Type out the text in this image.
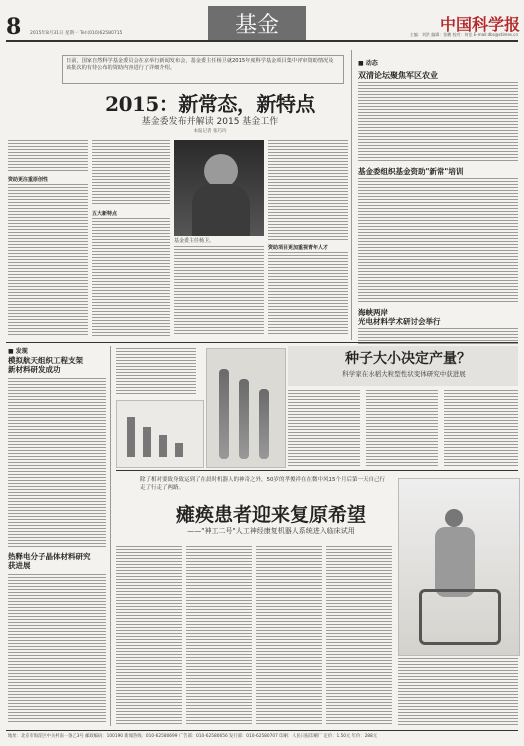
8 2015年8月31日 星期一 Tel:(010)62580715	基金	中国科学报
主编：刘洪 编辑：张鹏 校对：何佳 E-mail:dbs@stimes.cn
日前，国家自然科学基金委员会在京举行新闻发布会，基金委主任杨卫就2015年度科学基金项目集中评审资助情况及该批次的有待公布的资助内容进行了详细介绍。
2015：新常态，新特点
基金委发布并解读 2015 基金工作
本报记者 张巧玲
资助更注重原创性
五大新特点
基金委主任杨卫。
资助项目更加重视青年人才
■ 动态
双清论坛聚焦军区农业
基金委组织基金资助"新常"培训
海峡两岸
光电材料学术研讨会举行
■ 发现
模拟航天组织工程支架
新材料研发成功
热释电分子晶体材料研究
获进展
种子大小决定产量？
科学家在水稻大粒型性状变体研究中获进展
除了相对要致身致运到了在晨时机器人的神奇之外，50岁的孝俊祥在在微中风15个月后第一天自己行走了行走了两路。
瘫痪患者迎来复原希望
——"神工二号"人工神经康复机器人系统进入临床试用
地址：北京市海淀区中关村南一条乙3号 邮政编码：100190 新闻热线：010-62580699 广告部：010-62580656 发行部：010-62580707 印刷：人民日报印刷厂 定价：1.50元 年价：288元
